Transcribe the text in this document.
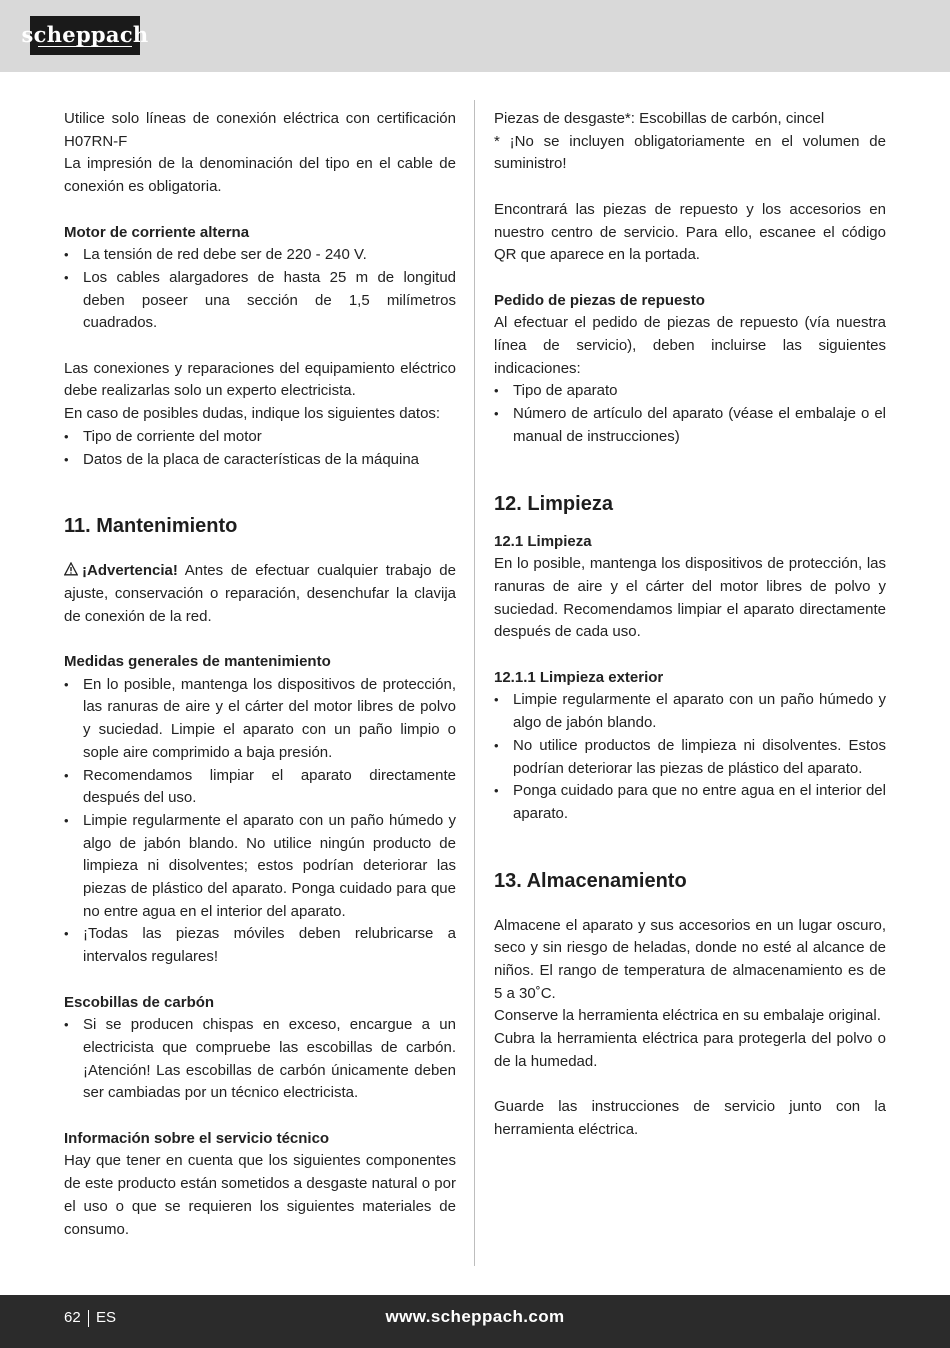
scheppach

Utilice solo líneas de conexión eléctrica con certificación H07RN-F

La impresión de la denominación del tipo en el cable de conexión es obligatoria.

Motor de corriente alterna

• La tensión de red debe ser de 220 - 240 V.
• Los cables alargadores de hasta 25 m de longitud deben poseer una sección de 1,5 milímetros cuadrados.

Las conexiones y reparaciones del equipamiento eléctrico debe realizarlas solo un experto electricista.

En caso de posibles dudas, indique los siguientes datos:

• Tipo de corriente del motor
• Datos de la placa de características de la máquina
11. Mantenimiento

¡Advertencia! Antes de efectuar cualquier trabajo de ajuste, conservación o reparación, desenchufar la clavija de conexión de la red.

Medidas generales de mantenimiento

• En lo posible, mantenga los dispositivos de protección, las ranuras de aire y el cárter del motor libres de polvo y suciedad. Limpie el aparato con un paño limpio o sople aire comprimido a baja presión.
• Recomendamos limpiar el aparato directamente después del uso.
• Limpie regularmente el aparato con un paño húmedo y algo de jabón blando. No utilice ningún producto de limpieza ni disolventes; estos podrían deteriorar las piezas de plástico del aparato. Ponga cuidado para que no entre agua en el interior del aparato.
• ¡Todas las piezas móviles deben relubricarse a intervalos regulares!

Escobillas de carbón

• Si se producen chispas en exceso, encargue a un electricista que compruebe las escobillas de carbón. ¡Atención! Las escobillas de carbón únicamente deben ser cambiadas por un técnico electricista.

Información sobre el servicio técnico

Hay que tener en cuenta que los siguientes componentes de este producto están sometidos a desgaste natural o por el uso o que se requieren los siguientes materiales de consumo.

Piezas de desgaste*: Escobillas de carbón, cincel

* ¡No se incluyen obligatoriamente en el volumen de suministro!

Encontrará las piezas de repuesto y los accesorios en nuestro centro de servicio. Para ello, escanee el código QR que aparece en la portada.

Pedido de piezas de repuesto

Al efectuar el pedido de piezas de repuesto (vía nuestra línea de servicio), deben incluirse las siguientes indicaciones:

• Tipo de aparato
• Número de artículo del aparato (véase el embalaje o el manual de instrucciones)
12. Limpieza

12.1 Limpieza

En lo posible, mantenga los dispositivos de protección, las ranuras de aire y el cárter del motor libres de polvo y suciedad. Recomendamos limpiar el aparato directamente después de cada uso.

12.1.1 Limpieza exterior

• Limpie regularmente el aparato con un paño húmedo y algo de jabón blando.
• No utilice productos de limpieza ni disolventes. Estos podrían deteriorar las piezas de plástico del aparato.
• Ponga cuidado para que no entre agua en el interior del aparato.
13. Almacenamiento

Almacene el aparato y sus accesorios en un lugar oscuro, seco y sin riesgo de heladas, donde no esté al alcance de niños. El rango de temperatura de almacenamiento es de 5 a 30˚C.

Conserve la herramienta eléctrica en su embalaje original.

Cubra la herramienta eléctrica para protegerla del polvo o de la humedad.

Guarde las instrucciones de servicio junto con la herramienta eléctrica.

62 ES	www.scheppach.com
